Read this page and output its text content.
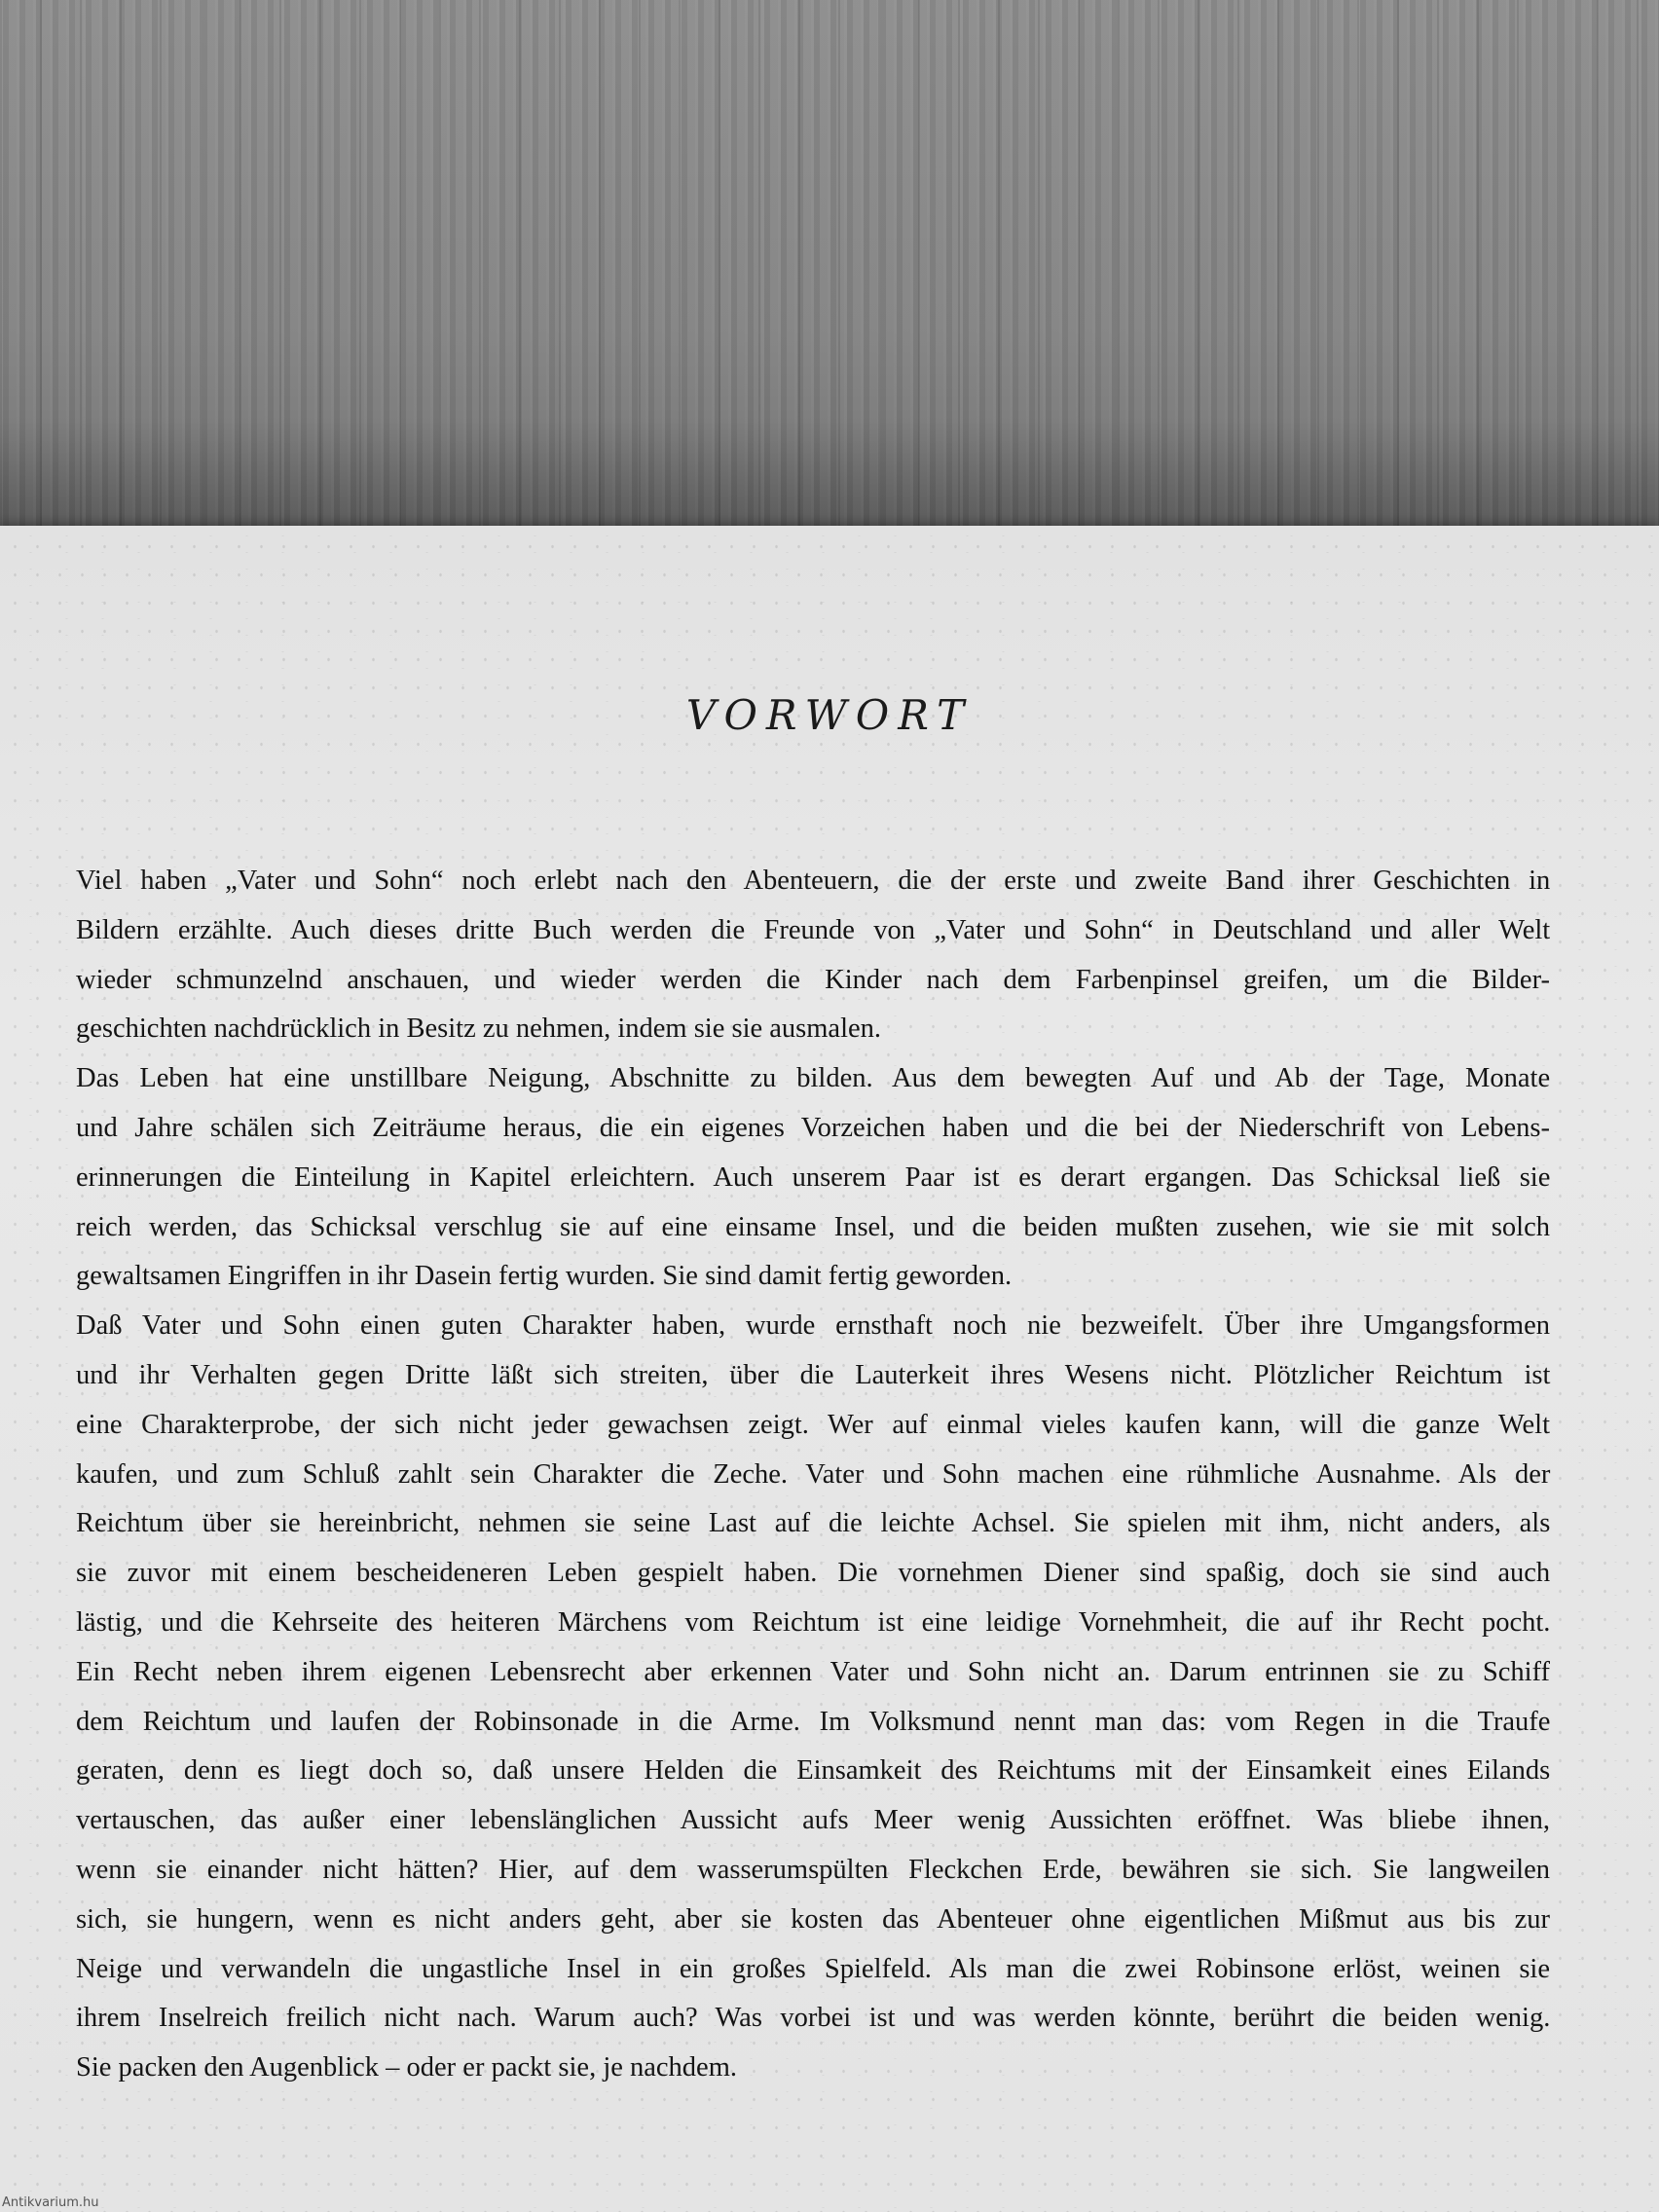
VORWORT
Viel haben „Vater und Sohn“ noch erlebt nach den Abenteuern, die der erste und zweite Band ihrer Geschichten in
Bildern erzählte. Auch dieses dritte Buch werden die Freunde von „Vater und Sohn“ in Deutschland und aller Welt
wieder schmunzelnd anschauen, und wieder werden die Kinder nach dem Farbenpinsel greifen, um die Bilder-
geschichten nachdrücklich in Besitz zu nehmen, indem sie sie ausmalen.
Das Leben hat eine unstillbare Neigung, Abschnitte zu bilden. Aus dem bewegten Auf und Ab der Tage, Monate
und Jahre schälen sich Zeiträume heraus, die ein eigenes Vorzeichen haben und die bei der Niederschrift von Lebens-
erinnerungen die Einteilung in Kapitel erleichtern. Auch unserem Paar ist es derart ergangen. Das Schicksal ließ sie
reich werden, das Schicksal verschlug sie auf eine einsame Insel, und die beiden mußten zusehen, wie sie mit solch
gewaltsamen Eingriffen in ihr Dasein fertig wurden. Sie sind damit fertig geworden.
Daß Vater und Sohn einen guten Charakter haben, wurde ernsthaft noch nie bezweifelt. Über ihre Umgangsformen
und ihr Verhalten gegen Dritte läßt sich streiten, über die Lauterkeit ihres Wesens nicht. Plötzlicher Reichtum ist
eine Charakterprobe, der sich nicht jeder gewachsen zeigt. Wer auf einmal vieles kaufen kann, will die ganze Welt
kaufen, und zum Schluß zahlt sein Charakter die Zeche. Vater und Sohn machen eine rühmliche Ausnahme. Als der
Reichtum über sie hereinbricht, nehmen sie seine Last auf die leichte Achsel. Sie spielen mit ihm, nicht anders, als
sie zuvor mit einem bescheideneren Leben gespielt haben. Die vornehmen Diener sind spaßig, doch sie sind auch
lästig, und die Kehrseite des heiteren Märchens vom Reichtum ist eine leidige Vornehmheit, die auf ihr Recht pocht.
Ein Recht neben ihrem eigenen Lebensrecht aber erkennen Vater und Sohn nicht an. Darum entrinnen sie zu Schiff
dem Reichtum und laufen der Robinsonade in die Arme. Im Volksmund nennt man das: vom Regen in die Traufe
geraten, denn es liegt doch so, daß unsere Helden die Einsamkeit des Reichtums mit der Einsamkeit eines Eilands
vertauschen, das außer einer lebenslänglichen Aussicht aufs Meer wenig Aussichten eröffnet. Was bliebe ihnen,
wenn sie einander nicht hätten? Hier, auf dem wasserumspülten Fleckchen Erde, bewähren sie sich. Sie langweilen
sich, sie hungern, wenn es nicht anders geht, aber sie kosten das Abenteuer ohne eigentlichen Mißmut aus bis zur
Neige und verwandeln die ungastliche Insel in ein großes Spielfeld. Als man die zwei Robinsone erlöst, weinen sie
ihrem Inselreich freilich nicht nach. Warum auch? Was vorbei ist und was werden könnte, berührt die beiden wenig.
Sie packen den Augenblick – oder er packt sie, je nachdem.
Antikvarium.hu
